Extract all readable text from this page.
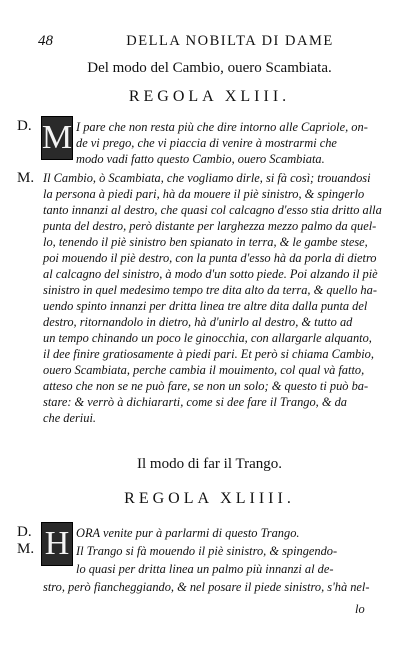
48	DELLA NOBILTA DI DAME
Del modo del Cambio, ouero Scambiata.
REGOLA XLIII.
D. M I pare che non resta più che dire intorno alle Capriole, on-
de vi prego, che vi piaccia di venire à mostrarmi che
modo vadi fatto questo Cambio, ouero Scambiata.
M. Il Cambio, ò Scambiata, che vogliamo dirle, si fà così; trouandosi
la persona à piedi pari, hà da mouere il piè sinistro, & spingerlo
tanto innanzi al destro, che quasi col calcagno d'esso stia dritto alla
punta del destro, però distante per larghezza mezzo palmo da quel-
lo, tenendo il piè sinistro ben spianato in terra, & le gambe stese,
poi mouendo il piè destro, con la punta d'esso hà da porla di dietro
al calcagno del sinistro, à modo d'un sotto piede. Poi alzando il piè
sinistro in quel medesimo tempo tre dita alto da terra, & quello ha-
uendo spinto innanzi per dritta linea tre altre dita dalla punta del
destro, ritornandolo in dietro, hà d'unirlo al destro, & tutto ad
un tempo chinando un poco le ginocchia, con allargarle alquanto,
il dee finire gratiosamente à piedi pari. Et però si chiama Cambio,
ouero Scambiata, perche cambia il mouimento, col qual và fatto,
atteso che non se ne può fare, se non un solo; & questo ti può ba-
stare: & verrò à dichiararti, come si dee fare il Trango, & da
che deriui.
Il modo di far il Trango.
REGOLA XLIIII.
D. H ORA venite pur à parlarmi di questo Trango.
M.	Il Trango si fà mouendo il piè sinistro, & spingendo-
lo quasi per dritta linea un palmo più innanzi al de-
stro, però fiancheggiando, & nel posare il piede sinistro, s'hà nel-
lo
